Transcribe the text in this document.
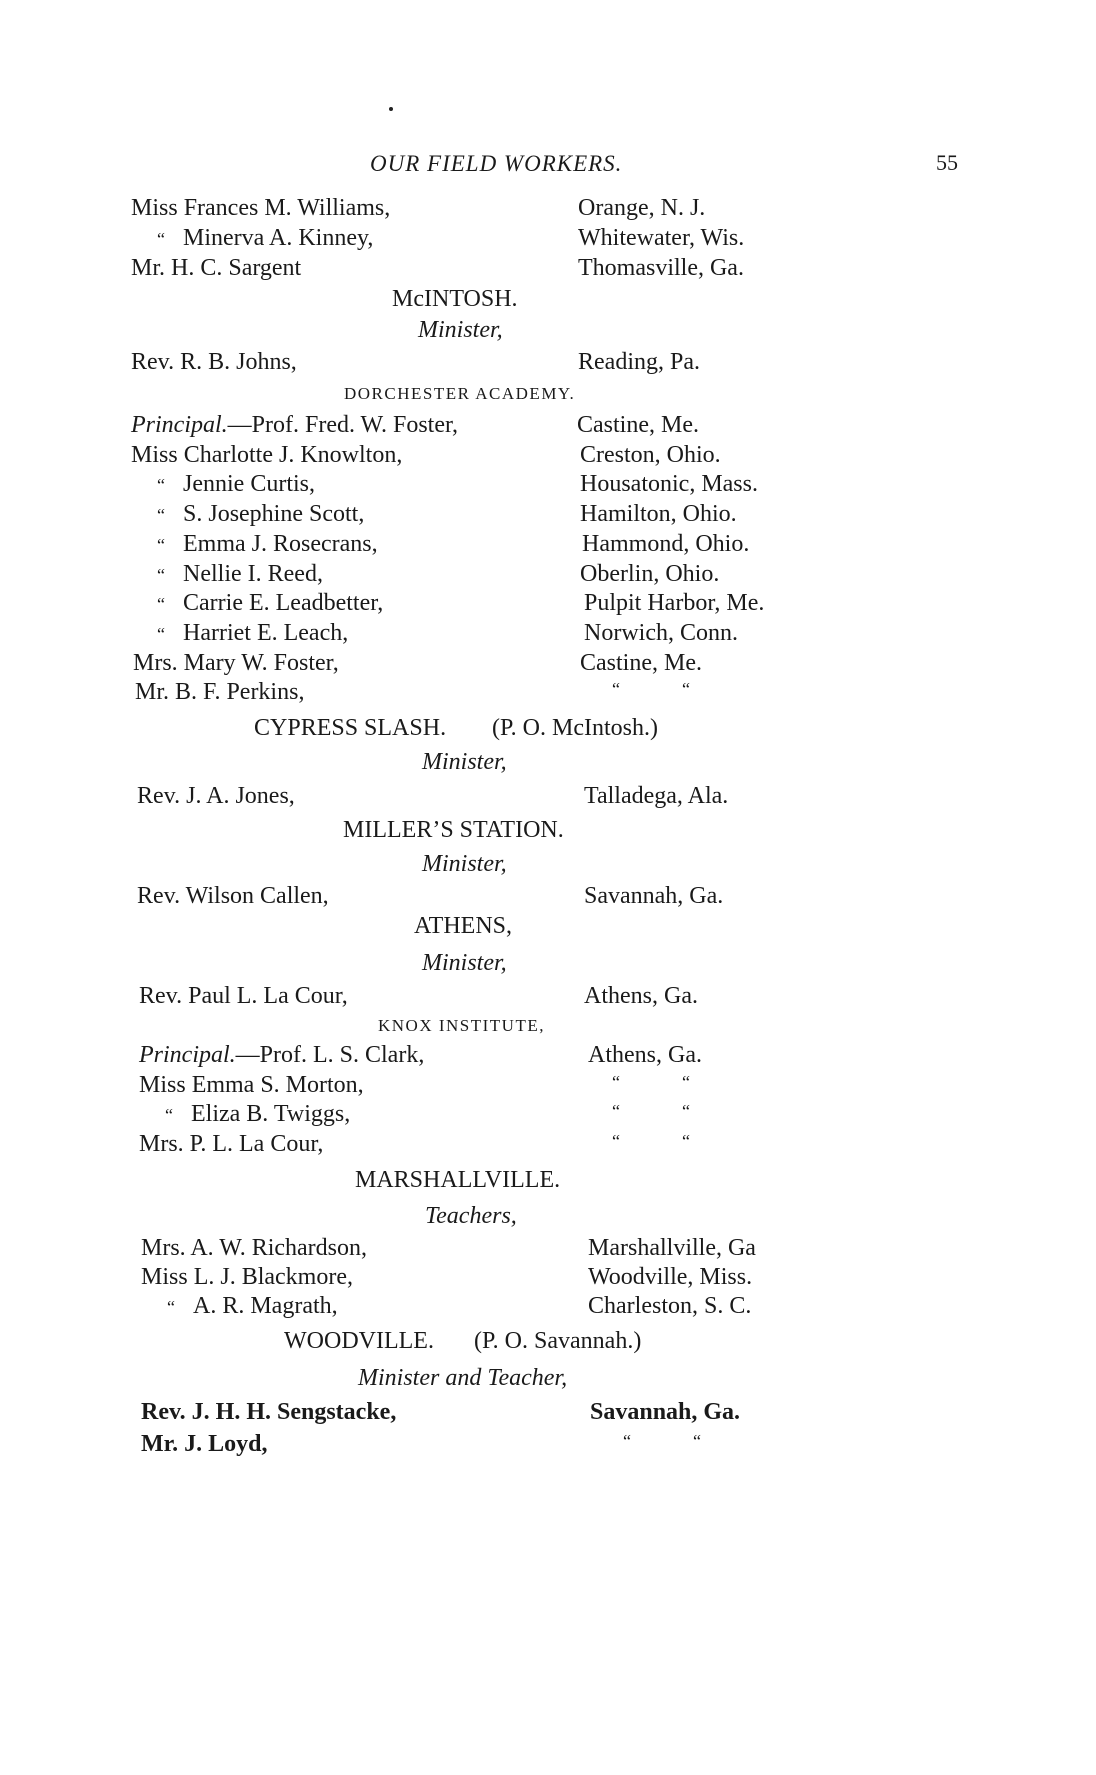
OUR FIELD WORKERS.	55
Miss Frances M. Williams,	Orange, N. J.
“ Minerva A. Kinney,	Whitewater, Wis.
Mr. H. C. Sargent	Thomasville, Ga.
McINTOSH.
Minister,
Rev. R. B. Johns,	Reading, Pa.
DORCHESTER ACADEMY.
Principal.—Prof. Fred. W. Foster,	Castine, Me.
Miss Charlotte J. Knowlton,	Creston, Ohio.
“ Jennie Curtis,	Housatonic, Mass.
“ S. Josephine Scott,	Hamilton, Ohio.
“ Emma J. Rosecrans,	Hammond, Ohio.
“ Nellie I. Reed,	Oberlin, Ohio.
“ Carrie E. Leadbetter,	Pulpit Harbor, Me.
“ Harriet E. Leach,	Norwich, Conn.
Mrs. Mary W. Foster,	Castine, Me.
Mr. B. F. Perkins,	“	“
CYPRESS SLASH. (P. O. McIntosh.)
Minister,
Rev. J. A. Jones,	Talladega, Ala.
MILLER’S STATION.
Minister,
Rev. Wilson Callen,	Savannah, Ga.
ATHENS,
Minister,
Rev. Paul L. La Cour,	Athens, Ga.
KNOX INSTITUTE,
Principal.—Prof. L. S. Clark,	Athens, Ga.
Miss Emma S. Morton,	“	“
“ Eliza B. Twiggs,	“	“
Mrs. P. L. La Cour,	“	“
MARSHALLVILLE.
Teachers,
Mrs. A. W. Richardson,	Marshallville, Ga
Miss L. J. Blackmore,	Woodville, Miss.
“ A. R. Magrath,	Charleston, S. C.
WOODVILLE. (P. O. Savannah.)
Minister and Teacher,
Rev. J. H. H. Sengstacke,	Savannah, Ga.
Mr. J. Loyd,	“	“
